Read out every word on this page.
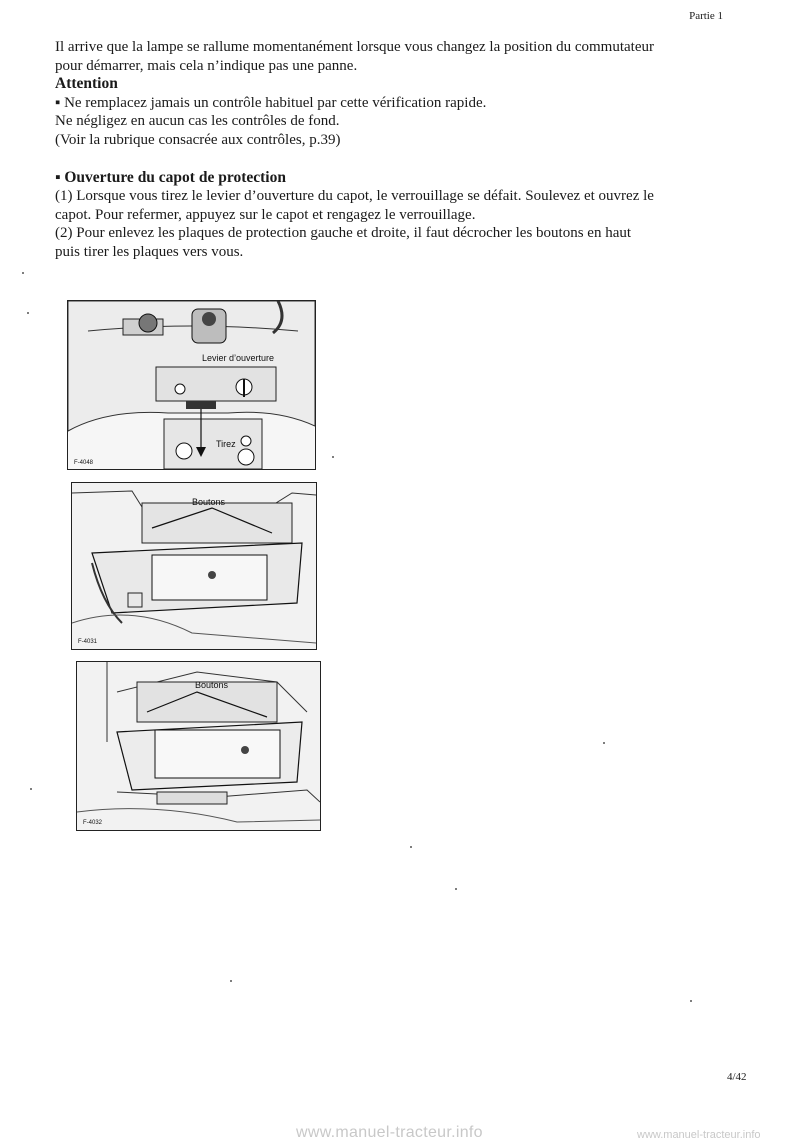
Partie 1
Il arrive que la lampe se rallume momentanément lorsque vous changez la position du commutateur
pour démarrer, mais cela n’indique pas une panne.
Attention
▪ Ne remplacez jamais un contrôle habituel par cette vérification rapide.
Ne négligez en aucun cas les contrôles de fond.
(Voir la rubrique consacrée aux contrôles, p.39)
▪ Ouverture du capot de protection
(1) Lorsque vous tirez le levier d’ouverture du capot, le verrouillage se défait. Soulevez et ouvrez le
capot. Pour refermer, appuyez sur le capot et rengagez le verrouillage.
(2) Pour enlevez les plaques de protection gauche et droite, il faut décrocher les boutons en haut
puis tirer les plaques vers vous.
Levier d’ouverture
Tirez
F-4048
Boutons
F-4031
Boutons
F-4032
4/42
www.manuel-tracteur.info	www.manuel-tracteur.info
